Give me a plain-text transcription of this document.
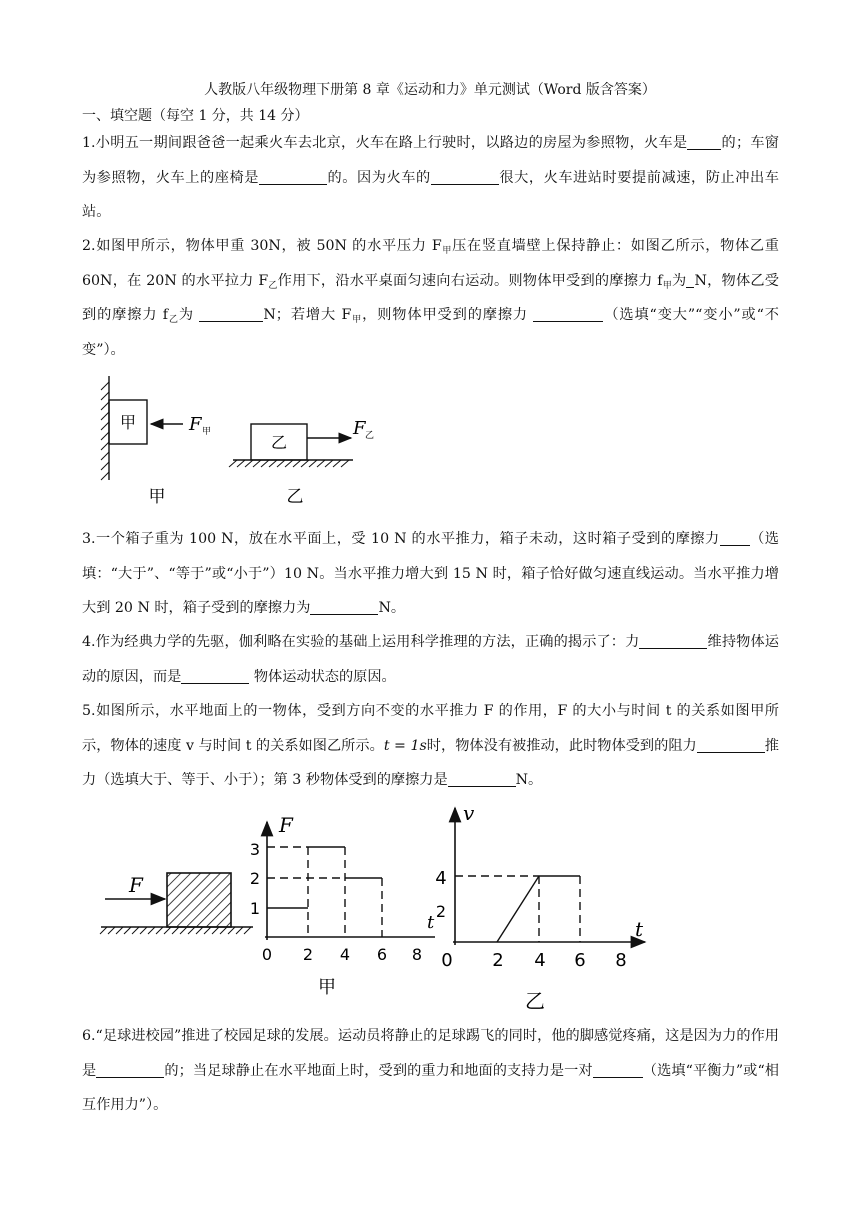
人教版八年级物理下册第 8 章《运动和力》单元测试（Word 版含答案）
一、填空题（每空 1 分，共 14 分）
1.小明五一期间跟爸爸一起乘火车去北京，火车在路上行驶时，以路边的房屋为参照物，火车是 的；车窗为参照物，火车上的座椅是	的。因为火车的	很大，火车进站时要提前减速，防止冲出车站。
2.如图甲所示，物体甲重 30N，被 50N 的水平压力 $F_甲$压在竖直墙壁上保持静止：如图乙所示，物体乙重 60N，在 20N 的水平拉力 $F_乙$作用下，沿水平桌面匀速向右运动。则物体甲受到的摩擦力 $f_甲$为 N，物体乙受到的摩擦力 $f_乙$为	N；若增大 $F_甲$，则物体甲受到的摩擦力	（选填“变大”“变小”或“不变”）。
甲	F 甲
乙
F 乙
甲	乙
3.一个箱子重为 100 N，放在水平面上，受 10 N 的水平推力，箱子未动，这时箱子受到的摩擦力 （选填：“大于”、“等于”或“小于”）10 N。当水平推力增大到 15 N 时，箱子恰好做匀速直线运动。当水平推力增大到 20 N 时，箱子受到的摩擦力为	N。
4.作为经典力学的先驱，伽利略在实验的基础上运用科学推理的方法，正确的揭示了：力	维持物体运动的原因，而是	物体运动状态的原因。
5.如图所示，水平地面上的一物体，受到方向不变的水平推力 F 的作用，F 的大小与时间 t 的关系如图甲所示，物体的速度 v 与时间 t 的关系如图乙所示。t = 1s时，物体没有被推动，此时物体受到的阻力	推力（选填大于、等于、小于）；第 3 秒物体受到的摩擦力是	N。
F
F
t
1
2
3
0 2 4 6 8
甲
v
t
2
4
0 2 4 6 8
乙
6.“足球进校园”推进了校园足球的发展。运动员将静止的足球踢飞的同时，他的脚感觉疼痛，这是因为力的作用是	的；当足球静止在水平地面上时，受到的重力和地面的支持力是一对	（选填“平衡力”或“相互作用力”）。
